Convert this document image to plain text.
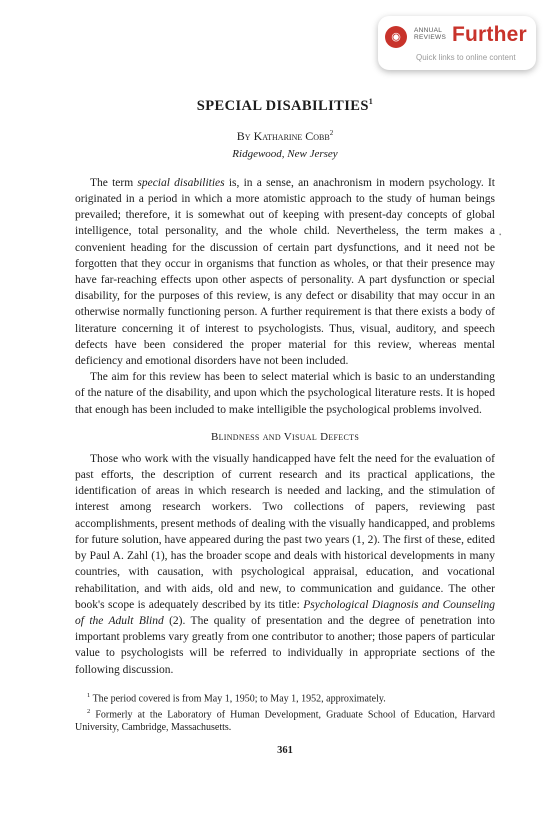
◉
ANNUAL
REVIEWS Further
Quick links to online content
•
SPECIAL DISABILITIES$^1$
By Katharine Cobb$^2$
Ridgewood, New Jersey

The term special disabilities is, in a sense, an anachronism in modern psychology. It originated in a period in which a more atomistic approach to the study of human beings prevailed; therefore, it is somewhat out of keeping with present-day concepts of global intelligence, total personality, and the whole child. Nevertheless, the term makes a convenient heading for the discussion of certain part dysfunctions, and it need not be forgotten that they occur in organisms that function as wholes, or that their presence may have far-reaching effects upon other aspects of personality. A part dysfunction or special disability, for the purposes of this review, is any defect or disability that may occur in an otherwise normally functioning person. A further requirement is that there exists a body of literature concerning it of interest to psychologists. Thus, visual, auditory, and speech defects have been considered the proper material for this review, whereas mental deficiency and emotional disorders have not been included.

The aim for this review has been to select material which is basic to an understanding of the nature of the disability, and upon which the psychological literature rests. It is hoped that enough has been included to make intelligible the psychological problems involved.

Blindness and Visual Defects

Those who work with the visually handicapped have felt the need for the evaluation of past efforts, the description of current research and its practical applications, the identification of areas in which research is needed and lacking, and the stimulation of interest among research workers. Two collections of papers, reviewing past accomplishments, present methods of dealing with the visually handicapped, and problems for future solution, have appeared during the past two years (1, 2). The first of these, edited by Paul A. Zahl (1), has the broader scope and deals with historical developments in many countries, with causation, with psychological appraisal, education, and vocational rehabilitation, and with aids, old and new, to communication and guidance. The other book's scope is adequately described by its title: Psychological Diagnosis and Counseling of the Adult Blind (2). The quality of presentation and the degree of penetration into important problems vary greatly from one contributor to another; those papers of particular value to psychologists will be referred to individually in appropriate sections of the following discussion.

$^1$ The period covered is from May 1, 1950; to May 1, 1952, approximately.

$^2$ Formerly at the Laboratory of Human Development, Graduate School of Education, Harvard University, Cambridge, Massachusetts.

361
